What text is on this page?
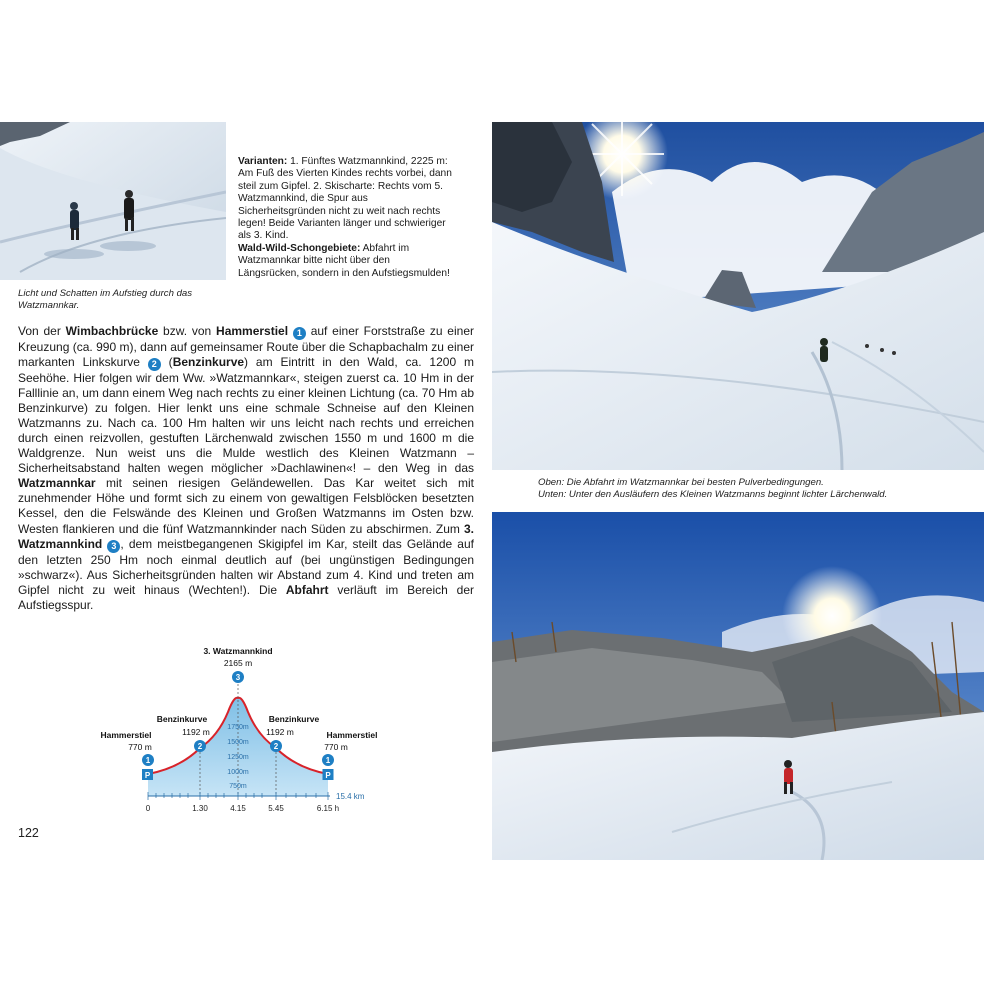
Licht und Schatten im Aufstieg durch das Watzmannkar.
Varianten: 1. Fünftes Watzmannkind, 2225 m: Am Fuß des Vierten Kindes rechts vorbei, dann steil zum Gipfel. 2. Skischarte: Rechts vom 5. Watzmannkind, die Spur aus Sicherheitsgründen nicht zu weit nach rechts legen! Beide Varianten länger und schwieriger als 3. Kind.
Wald-Wild-Schongebiete: Abfahrt im Watzmannkar bitte nicht über den Längsrücken, sondern in den Aufstiegsmulden!
Von der Wimbachbrücke bzw. von Hammerstiel 1 auf einer Forststraße zu einer Kreuzung (ca. 990 m), dann auf gemeinsamer Route über die Schapbachalm zu einer markanten Linkskurve 2 (Benzinkurve) am Eintritt in den Wald, ca. 1200 m Seehöhe. Hier folgen wir dem Ww. »Watzmannkar«, steigen zuerst ca. 10 Hm in der Falllinie an, um dann einem Weg nach rechts zu einer kleinen Lichtung (ca. 70 Hm ab Benzinkurve) zu folgen. Hier lenkt uns eine schmale Schneise auf den Kleinen Watzmanns zu. Nach ca. 100 Hm halten wir uns leicht nach rechts und erreichen durch einen reizvollen, gestuften Lärchenwald zwischen 1550 m und 1600 m die Waldgrenze. Nun weist uns die Mulde westlich des Kleinen Watzmann – Sicherheitsabstand halten wegen möglicher »Dachlawinen«! – den Weg in das Watzmannkar mit seinen riesigen Geländewellen. Das Kar weitet sich mit zunehmender Höhe und formt sich zu einem von gewaltigen Felsblöcken besetzten Kessel, den die Felswände des Kleinen und Großen Watzmanns im Osten bzw. Westen flankieren und die fünf Watzmannkinder nach Süden zu abschirmen. Zum 3. Watzmannkind 3 , dem meistbegangenen Skigipfel im Kar, steilt das Gelände auf den letzten 250 Hm noch einmal deutlich auf (bei ungünstigen Bedingungen »schwarz«). Aus Sicherheitsgründen halten wir Abstand zum 4. Kind und treten am Gipfel nicht zu weit hinaus (Wechten!). Die Abfahrt verläuft im Bereich der Aufstiegsspur.
750m
1000m
1250m
1500m
1750m
0	1.30	4.15	5.45	6.15 h
15.4 km
3. Watzmannkind
2165 m
3
Benzinkurve
1192 m
2
Benzinkurve
1192 m
2
Hammerstiel
770 m
1
P
Hammerstiel
770 m
1
P
122
Oben: Die Abfahrt im Watzmannkar bei besten Pulverbedingungen.
Unten: Unter den Ausläufern des Kleinen Watzmanns beginnt lichter Lärchenwald.
